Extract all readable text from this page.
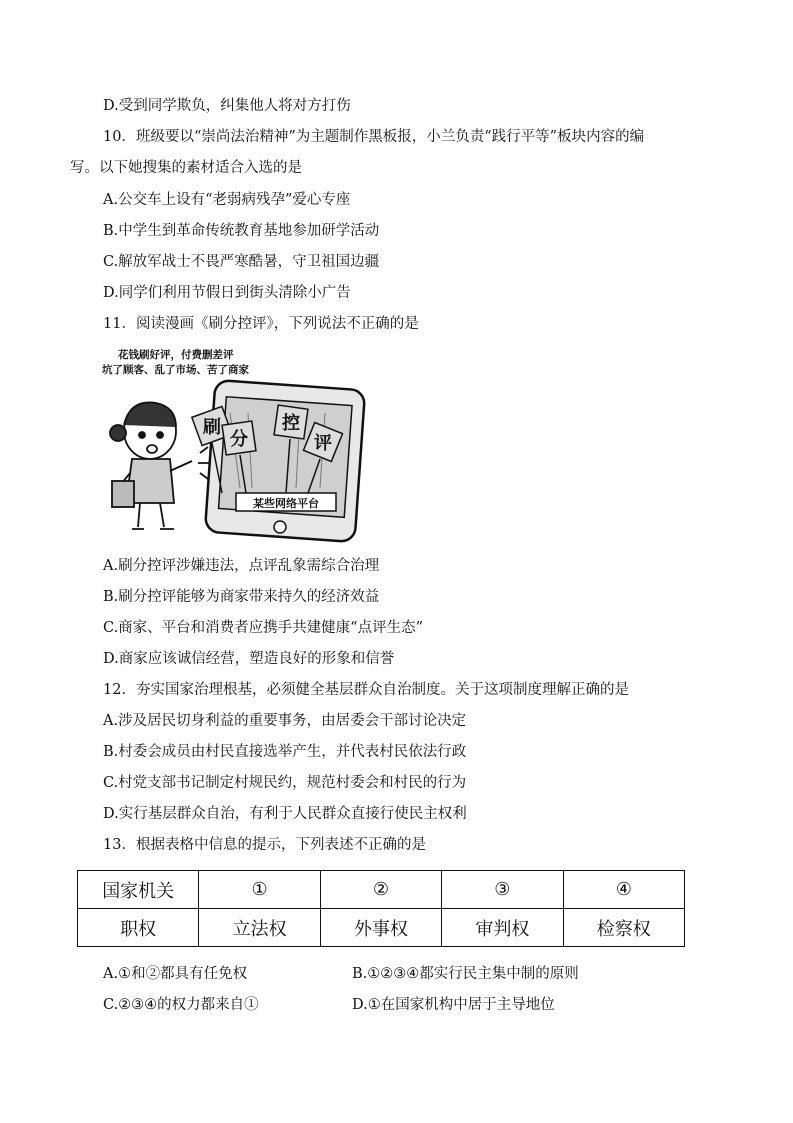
D.受到同学欺负，纠集他人将对方打伤
10．班级要以“崇尚法治精神”为主题制作黑板报，小兰负责“践行平等”板块内容的编
写。以下她搜集的素材适合入选的是
A.公交车上设有“老弱病残孕”爱心专座
B.中学生到革命传统教育基地参加研学活动
C.解放军战士不畏严寒酷暑，守卫祖国边疆
D.同学们利用节假日到街头清除小广告
11．阅读漫画《刷分控评》，下列说法不正确的是
花钱刷好评，付费删差评
坑了顾客、乱了市场、苦了商家
某些网络平台
刷
分
控
评
A.刷分控评涉嫌违法，点评乱象需综合治理
B.刷分控评能够为商家带来持久的经济效益
C.商家、平台和消费者应携手共建健康“点评生态”
D.商家应该诚信经营，塑造良好的形象和信誉
12．夯实国家治理根基，必须健全基层群众自治制度。关于这项制度理解正确的是
A.涉及居民切身利益的重要事务，由居委会干部讨论决定
B.村委会成员由村民直接选举产生，并代表村民依法行政
C.村党支部书记制定村规民约，规范村委会和村民的行为
D.实行基层群众自治，有利于人民群众直接行使民主权利
13．根据表格中信息的提示，下列表述不正确的是
国家机关	①	②	③	④
职权	立法权	外事权	审判权	检察权
A.①和②都具有任免权	B.①②③④都实行民主集中制的原则
C.②③④的权力都来自①	D.①在国家机构中居于主导地位
